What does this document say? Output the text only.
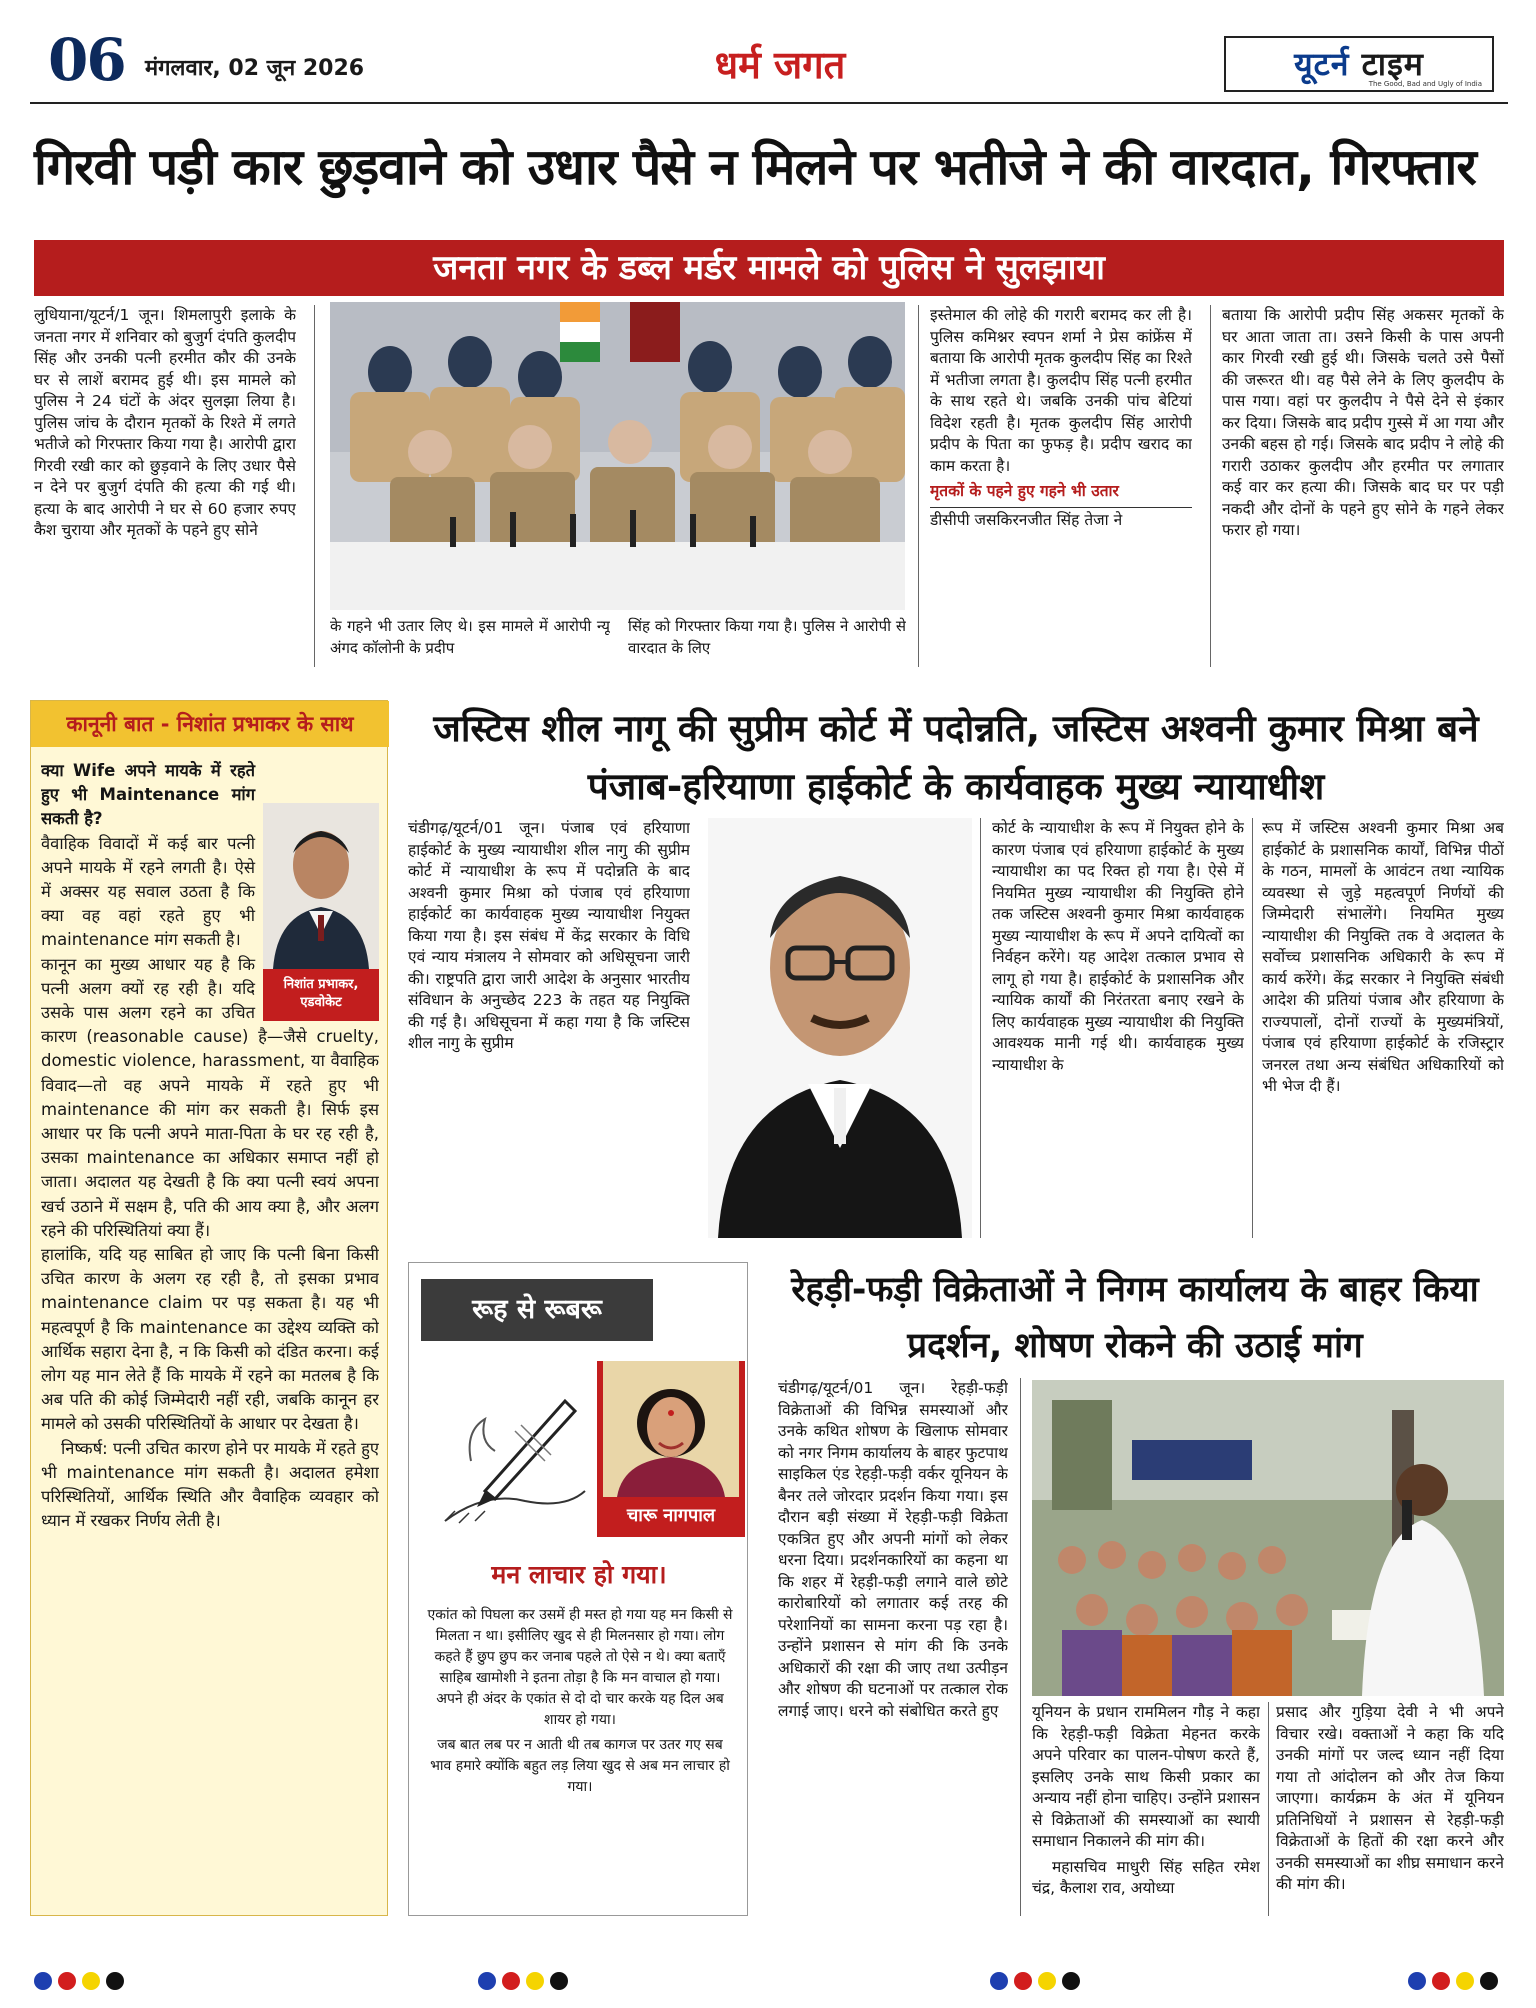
06 मंगलवार, 02 जून 2026	धर्म जगत	यूटर्न टाइम
The Good, Bad and Ugly of India
गिरवी पड़ी कार छुड़वाने को उधार पैसे न मिलने पर भतीजे ने की वारदात, गिरफ्तार
जनता नगर के डब्ल मर्डर मामले को पुलिस ने सुलझाया
लुधियाना/यूटर्न/1 जून। शिमलापुरी इलाके के जनता नगर में शनिवार को बुजुर्ग दंपति कुलदीप सिंह और उनकी पत्नी हरमीत कौर की उनके घर से लाशें बरामद हुई थी। इस मामले को पुलिस ने 24 घंटों के अंदर सुलझा लिया है। पुलिस जांच के दौरान मृतकों के रिश्ते में लगते भतीजे को गिरफ्तार किया गया है। आरोपी द्वारा गिरवी रखी कार को छुड़वाने के लिए उधार पैसे न देने पर बुजुर्ग दंपति की हत्या की गई थी। हत्या के बाद आरोपी ने घर से 60 हजार रुपए कैश चुराया और मृतकों के पहने हुए सोने
के गहने भी उतार लिए थे। इस मामले में आरोपी न्यू अंगद कॉलोनी के प्रदीप
सिंह को गिरफ्तार किया गया है। पुलिस ने आरोपी से वारदात के लिए
इस्तेमाल की लोहे की गरारी बरामद कर ली है। पुलिस कमिश्नर स्वपन शर्मा ने प्रेस कांफ्रेंस में बताया कि आरोपी मृतक कुलदीप सिंह का रिश्ते में भतीजा लगता है। कुलदीप सिंह पत्नी हरमीत के साथ रहते थे। जबकि उनकी पांच बेटियां विदेश रहती है। मृतक कुलदीप सिंह आरोपी प्रदीप के पिता का फुफड़ है। प्रदीप खराद का काम करता है।
मृतकों के पहने हुए गहने भी उतार
डीसीपी जसकिरनजीत सिंह तेजा ने
बताया कि आरोपी प्रदीप सिंह अकसर मृतकों के घर आता जाता ता। उसने किसी के पास अपनी कार गिरवी रखी हुई थी। जिसके चलते उसे पैसों की जरूरत थी। वह पैसे लेने के लिए कुलदीप के पास गया। वहां पर कुलदीप ने पैसे देने से इंकार कर दिया। जिसके बाद प्रदीप गुस्से में आ गया और उनकी बहस हो गई। जिसके बाद प्रदीप ने लोहे की गरारी उठाकर कुलदीप और हरमीत पर लगातार कई वार कर हत्या की। जिसके बाद घर पर पड़ी नकदी और दोनों के पहने हुए सोने के गहने लेकर फरार हो गया।
कानूनी बात - निशांत प्रभाकर के साथ
निशांत प्रभाकर,
एडवोकेट
क्या Wife अपने मायके में रहते हुए भी Maintenance मांग सकती है?
वैवाहिक विवादों में कई बार पत्नी अपने मायके में रहने लगती है। ऐसे में अक्सर यह सवाल उठता है कि क्या वह वहां रहते हुए भी maintenance मांग सकती है।
कानून का मुख्य आधार यह है कि पत्नी अलग क्यों रह रही है। यदि उसके पास अलग रहने का उचित कारण (reasonable cause) है—जैसे cruelty, domestic violence, harassment, या वैवाहिक विवाद—तो वह अपने मायके में रहते हुए भी maintenance की मांग कर सकती है। सिर्फ इस आधार पर कि पत्नी अपने माता-पिता के घर रह रही है, उसका maintenance का अधिकार समाप्त नहीं हो जाता। अदालत यह देखती है कि क्या पत्नी स्वयं अपना खर्च उठाने में सक्षम है, पति की आय क्या है, और अलग रहने की परिस्थितियां क्या हैं।
हालांकि, यदि यह साबित हो जाए कि पत्नी बिना किसी उचित कारण के अलग रह रही है, तो इसका प्रभाव maintenance claim पर पड़ सकता है। यह भी महत्वपूर्ण है कि maintenance का उद्देश्य व्यक्ति को आर्थिक सहारा देना है, न कि किसी को दंडित करना। कई लोग यह मान लेते हैं कि मायके में रहने का मतलब है कि अब पति की कोई जिम्मेदारी नहीं रही, जबकि कानून हर मामले को उसकी परिस्थितियों के आधार पर देखता है।
निष्कर्ष: पत्नी उचित कारण होने पर मायके में रहते हुए भी maintenance मांग सकती है। अदालत हमेशा परिस्थितियों, आर्थिक स्थिति और वैवाहिक व्यवहार को ध्यान में रखकर निर्णय लेती है।
जस्टिस शील नागू की सुप्रीम कोर्ट में पदोन्नति, जस्टिस अश्वनी कुमार मिश्रा बने पंजाब-हरियाणा हाईकोर्ट के कार्यवाहक मुख्य न्यायाधीश
चंडीगढ़/यूटर्न/01 जून। पंजाब एवं हरियाणा हाईकोर्ट के मुख्य न्यायाधीश शील नागु की सुप्रीम कोर्ट में न्यायाधीश के रूप में पदोन्नति के बाद अश्वनी कुमार मिश्रा को पंजाब एवं हरियाणा हाईकोर्ट का कार्यवाहक मुख्य न्यायाधीश नियुक्त किया गया है। इस संबंध में केंद्र सरकार के विधि एवं न्याय मंत्रालय ने सोमवार को अधिसूचना जारी की। राष्ट्रपति द्वारा जारी आदेश के अनुसार भारतीय संविधान के अनुच्छेद 223 के तहत यह नियुक्ति की गई है। अधिसूचना में कहा गया है कि जस्टिस शील नागु के सुप्रीम
कोर्ट के न्यायाधीश के रूप में नियुक्त होने के कारण पंजाब एवं हरियाणा हाईकोर्ट के मुख्य न्यायाधीश का पद रिक्त हो गया है। ऐसे में नियमित मुख्य न्यायाधीश की नियुक्ति होने तक जस्टिस अश्वनी कुमार मिश्रा कार्यवाहक मुख्य न्यायाधीश के रूप में अपने दायित्वों का निर्वहन करेंगे। यह आदेश तत्काल प्रभाव से लागू हो गया है। हाईकोर्ट के प्रशासनिक और न्यायिक कार्यों की निरंतरता बनाए रखने के लिए कार्यवाहक मुख्य न्यायाधीश की नियुक्ति आवश्यक मानी गई थी। कार्यवाहक मुख्य न्यायाधीश के
रूप में जस्टिस अश्वनी कुमार मिश्रा अब हाईकोर्ट के प्रशासनिक कार्यों, विभिन्न पीठों के गठन, मामलों के आवंटन तथा न्यायिक व्यवस्था से जुड़े महत्वपूर्ण निर्णयों की जिम्मेदारी संभालेंगे। नियमित मुख्य न्यायाधीश की नियुक्ति तक वे अदालत के सर्वोच्च प्रशासनिक अधिकारी के रूप में कार्य करेंगे। केंद्र सरकार ने नियुक्ति संबंधी आदेश की प्रतियां पंजाब और हरियाणा के राज्यपालों, दोनों राज्यों के मुख्यमंत्रियों, पंजाब एवं हरियाणा हाईकोर्ट के रजिस्ट्रार जनरल तथा अन्य संबंधित अधिकारियों को भी भेज दी हैं।
रूह से रूबरू
चारू नागपाल
मन लाचार हो गया।
एकांत को पिघला कर उसमें ही मस्त हो गया यह मन किसी से मिलता न था। इसीलिए खुद से ही मिलनसार हो गया। लोग कहते हैं छुप छुप कर जनाब पहले तो ऐसे न थे। क्या बताएँ साहिब खामोशी ने इतना तोड़ा है कि मन वाचाल हो गया। अपने ही अंदर के एकांत से दो दो चार करके यह दिल अब शायर हो गया।
जब बात लब पर न आती थी तब कागज पर उतर गए सब भाव हमारे क्योंकि बहुत लड़ लिया खुद से अब मन लाचार हो गया।
रेहड़ी-फड़ी विक्रेताओं ने निगम कार्यालय के बाहर किया प्रदर्शन, शोषण रोकने की उठाई मांग
चंडीगढ़/यूटर्न/01 जून। रेहड़ी-फड़ी विक्रेताओं की विभिन्न समस्याओं और उनके कथित शोषण के खिलाफ सोमवार को नगर निगम कार्यालय के बाहर फुटपाथ साइकिल एंड रेहड़ी-फड़ी वर्कर यूनियन के बैनर तले जोरदार प्रदर्शन किया गया। इस दौरान बड़ी संख्या में रेहड़ी-फड़ी विक्रेता एकत्रित हुए और अपनी मांगों को लेकर धरना दिया। प्रदर्शनकारियों का कहना था कि शहर में रेहड़ी-फड़ी लगाने वाले छोटे कारोबारियों को लगातार कई तरह की परेशानियों का सामना करना पड़ रहा है। उन्होंने प्रशासन से मांग की कि उनके अधिकारों की रक्षा की जाए तथा उत्पीड़न और शोषण की घटनाओं पर तत्काल रोक लगाई जाए। धरने को संबोधित करते हुए	यूनियन के प्रधान राममिलन गौड़ ने कहा कि रेहड़ी-फड़ी विक्रेता मेहनत करके अपने परिवार का पालन-पोषण करते हैं, इसलिए उनके साथ किसी प्रकार का अन्याय नहीं होना चाहिए। उन्होंने प्रशासन से विक्रेताओं की समस्याओं का स्थायी समाधान निकालने की मांग की।
महासचिव माधुरी सिंह सहित रमेश चंद्र, कैलाश राव, अयोध्या
प्रसाद और गुड़िया देवी ने भी अपने विचार रखे। वक्ताओं ने कहा कि यदि उनकी मांगों पर जल्द ध्यान नहीं दिया गया तो आंदोलन को और तेज किया जाएगा। कार्यक्रम के अंत में यूनियन प्रतिनिधियों ने प्रशासन से रेहड़ी-फड़ी विक्रेताओं के हितों की रक्षा करने और उनकी समस्याओं का शीघ्र समाधान करने की मांग की।
